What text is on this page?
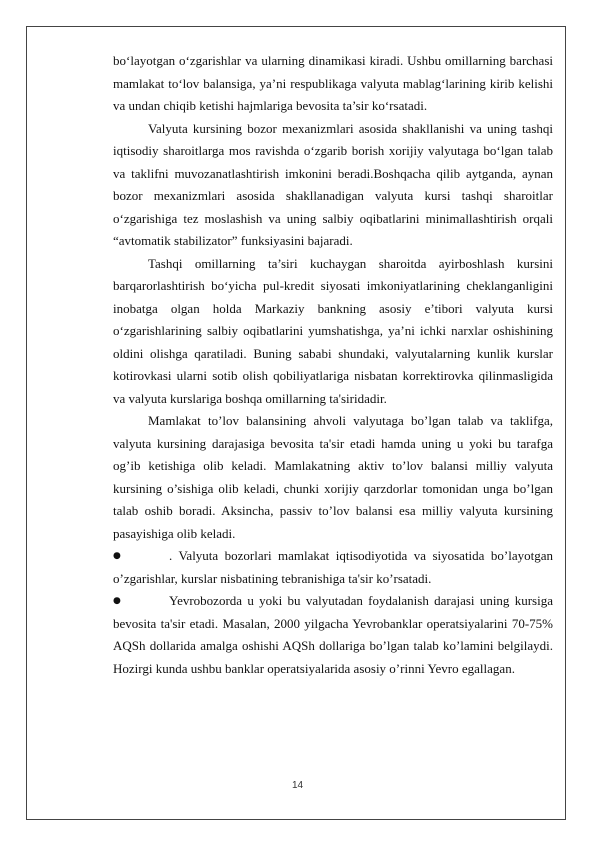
bo‘layotgan o‘zgarishlar va ularning dinamikasi kiradi. Ushbu omillarning barchasi mamlakat to‘lov balansiga, ya’ni respublikaga valyuta mablag‘larining kirib kelishi va undan chiqib ketishi hajmlariga bevosita ta’sir ko‘rsatadi.

Valyuta kursining bozor mexanizmlari asosida shakllanishi va uning tashqi iqtisodiy sharoitlarga mos ravishda o‘zgarib borish xorijiy valyutaga bo‘lgan talab va taklifni muvozanatlashtirish imkonini beradi.Boshqacha qilib aytganda, aynan bozor mexanizmlari asosida shakllanadigan valyuta kursi tashqi sharoitlar o‘zgarishiga tez moslashish va uning salbiy oqibatlarini minimallashtirish orqali “avtomatik stabilizator” funksiyasini bajaradi.

Tashqi omillarning ta’siri kuchaygan sharoitda ayirboshlash kursini barqarorlashtirish bo‘yicha pul-kredit siyosati imkoniyatlarining cheklanganligini inobatga olgan holda Markaziy bankning asosiy e’tibori valyuta kursi o‘zgarishlarining salbiy oqibatlarini yumshatishga, ya’ni ichki narxlar oshishining oldini olishga qaratiladi. Buning sababi shundaki, valyutalarning kunlik kurslar kotirovkasi ularni sotib olish qobiliyatlariga nisbatan korrektirovka qilinmasligida va valyuta kurslariga boshqa omillarning ta'siridadir.

Mamlakat to’lov balansining ahvoli valyutaga bo’lgan talab va taklifga, valyuta kursining darajasiga bevosita ta'sir etadi hamda uning u yoki bu tarafga og’ib ketishiga olib keladi. Mamlakatning aktiv to’lov balansi milliy valyuta kursining o’sishiga olib keladi, chunki xorijiy qarzdorlar tomonidan unga bo’lgan talab oshib boradi. Aksincha, passiv to’lov balansi esa milliy valyuta kursining pasayishiga olib keladi.

●	. Valyuta bozorlari mamlakat iqtisodiyotida va siyosatida bo’layotgan o’zgarishlar, kurslar nisbatining tebranishiga ta'sir ko’rsatadi.

●	Yevrobozorda u yoki bu valyutadan foydalanish darajasi uning kursiga bevosita ta'sir etadi. Masalan, 2000 yilgacha Yevrobanklar operatsiyalarini 70-75% AQSh dollarida amalga oshishi AQSh dollariga bo’lgan talab ko’lamini belgilaydi. Hozirgi kunda ushbu banklar operatsiyalarida asosiy o’rinni Yevro egallagan.

14
